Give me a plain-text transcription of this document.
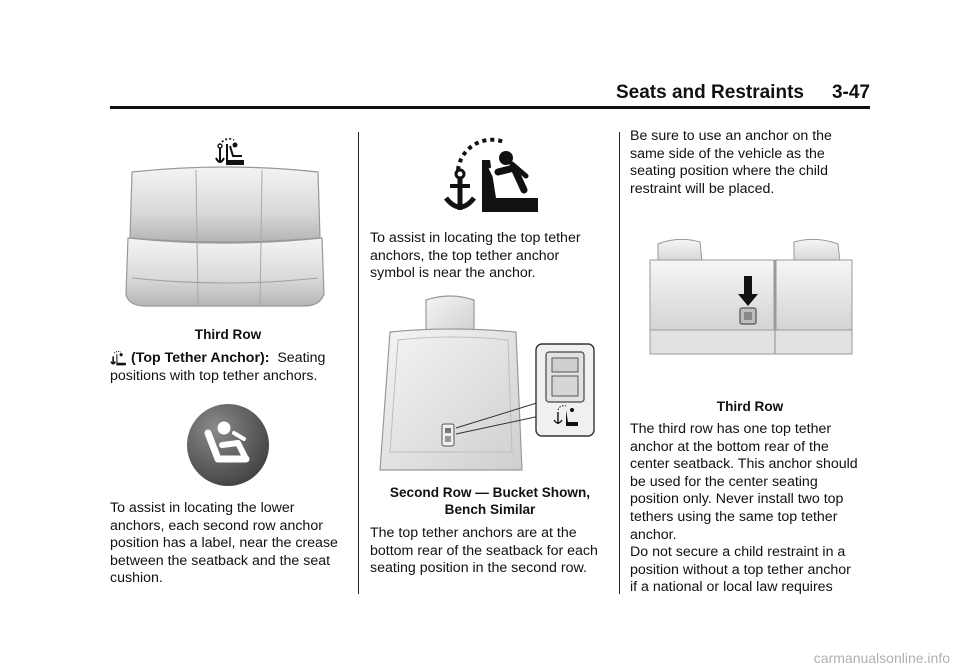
Seats and Restraints 3-47
Third Row
(Top Tether Anchor): Seating
positions with top tether anchors.
To assist in locating the lower
anchors, each second row anchor
position has a label, near the crease
between the seatback and the seat
cushion.
To assist in locating the top tether
anchors, the top tether anchor
symbol is near the anchor.
Second Row — Bucket Shown,
Bench Similar
The top tether anchors are at the
bottom rear of the seatback for each
seating position in the second row.
Be sure to use an anchor on the
same side of the vehicle as the
seating position where the child
restraint will be placed.
Third Row
The third row has one top tether
anchor at the bottom rear of the
center seatback. This anchor should
be used for the center seating
position only. Never install two top
tethers using the same top tether
anchor.
Do not secure a child restraint in a
position without a top tether anchor
if a national or local law requires
carmanualsonline.info
